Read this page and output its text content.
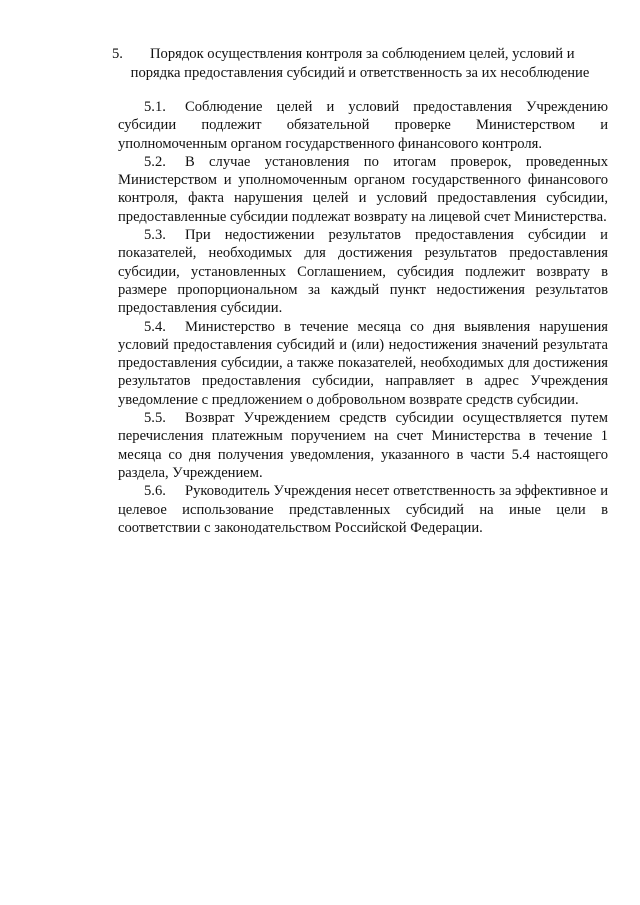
5. Порядок осуществления контроля за соблюдением целей, условий и
порядка предоставления субсидий и ответственность за их несоблюдение

5.1. Соблюдение целей и условий предоставления Учреждению субсидии подлежит обязательной проверке Министерством и уполномоченным органом государственного финансового контроля.

5.2. В случае установления по итогам проверок, проведенных Министерством и уполномоченным органом государственного финансового контроля, факта нарушения целей и условий предоставления субсидии, предоставленные субсидии подлежат возврату на лицевой счет Министерства.

5.3. При недостижении результатов предоставления субсидии и показателей, необходимых для достижения результатов предоставления субсидии, установленных Соглашением, субсидия подлежит возврату в размере пропорциональном за каждый пункт недостижения результатов предоставления субсидии.

5.4. Министерство в течение месяца со дня выявления нарушения условий предоставления субсидий и (или) недостижения значений результата предоставления субсидии, а также показателей, необходимых для достижения результатов предоставления субсидии, направляет в адрес Учреждения уведомление с предложением о добровольном возврате средств субсидии.

5.5. Возврат Учреждением средств субсидии осуществляется путем перечисления платежным поручением на счет Министерства в течение 1 месяца со дня получения уведомления, указанного в части 5.4 настоящего раздела, Учреждением.

5.6. Руководитель Учреждения несет ответственность за эффективное и целевое использование представленных субсидий на иные цели в соответствии с законодательством Российской Федерации.
